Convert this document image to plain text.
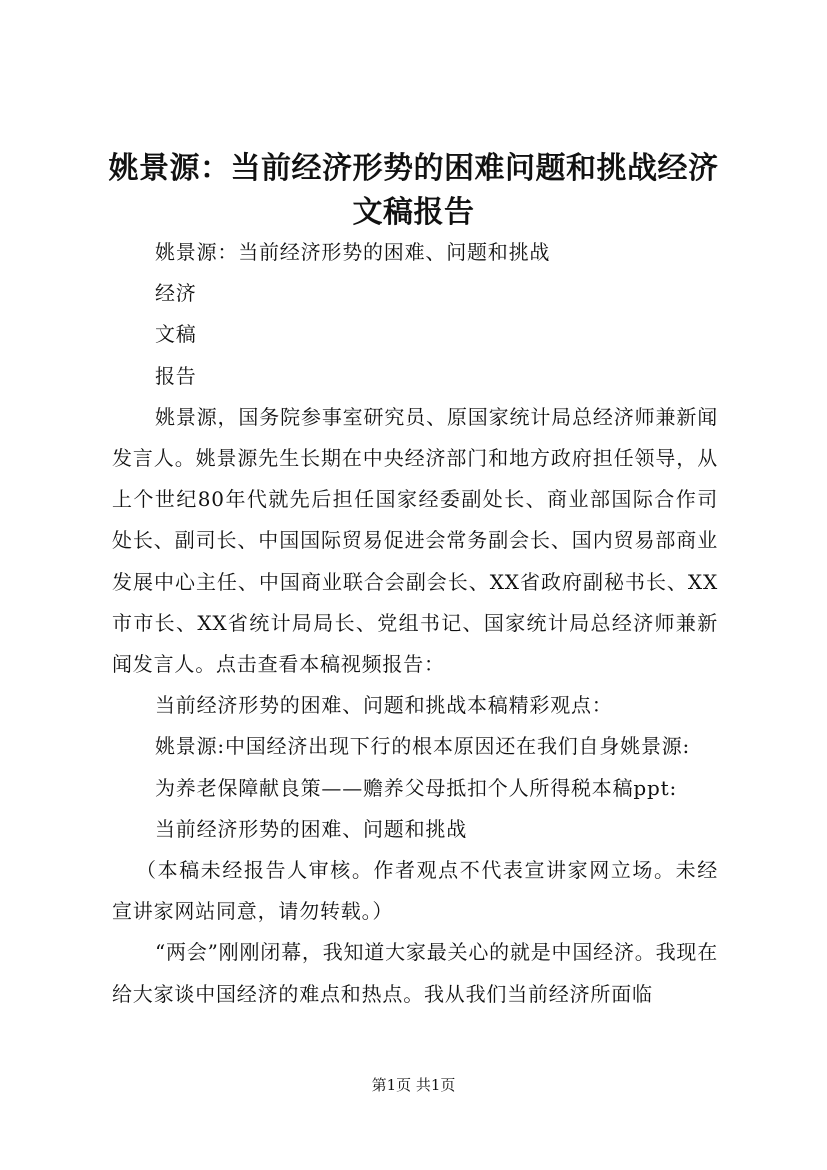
姚景源：当前经济形势的困难问题和挑战经济
文稿报告

姚景源：当前经济形势的困难、问题和挑战

经济

文稿

报告

姚景源，国务院参事室研究员、原国家统计局总经济师兼新闻发言人。姚景源先生长期在中央经济部门和地方政府担任领导，从上个世纪80年代就先后担任国家经委副处长、商业部国际合作司处长、副司长、中国国际贸易促进会常务副会长、国内贸易部商业发展中心主任、中国商业联合会副会长、XX省政府副秘书长、XX市市长、XX省统计局局长、党组书记、国家统计局总经济师兼新闻发言人。点击查看本稿视频报告：

当前经济形势的困难、问题和挑战本稿精彩观点：

姚景源:中国经济出现下行的根本原因还在我们自身姚景源:

为养老保障献良策——赡养父母抵扣个人所得税本稿ppt:

当前经济形势的困难、问题和挑战

（本稿未经报告人审核。作者观点不代表宣讲家网立场。未经宣讲家网站同意，请勿转载。）

“两会”刚刚闭幕，我知道大家最关心的就是中国经济。我现在给大家谈中国经济的难点和热点。我从我们当前经济所面临

第1页 共1页
